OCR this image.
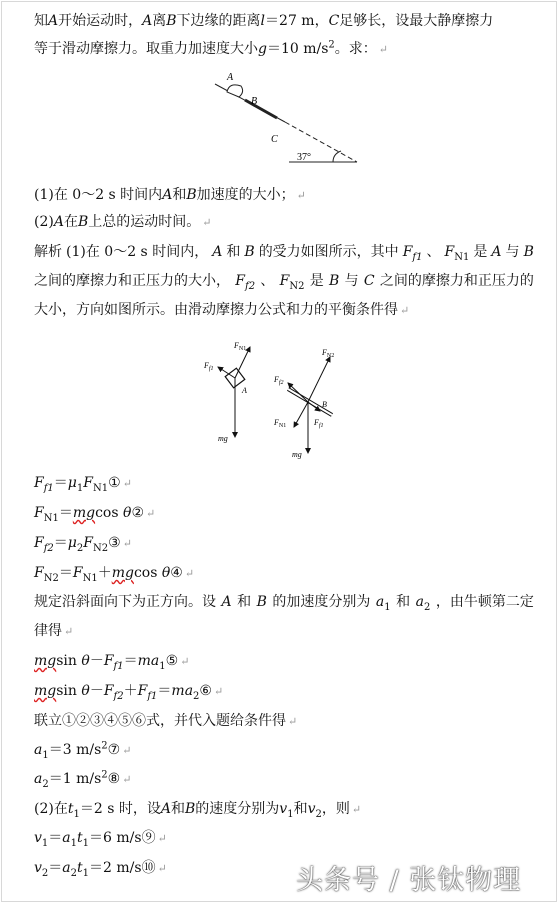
知A开始运动时，A离B下边缘的距离l＝27 m，C足够长，设最大静摩擦力
等于滑动摩擦力。取重力加速度大小g＝10 $m/s^2$。求： ↵
A
B
C
37°
(1)在 0～2 s 时间内A和B加速度的大小； ↵
(2)A在B上总的运动时间。 ↵
解析 (1)在 0～2 s 时间内， A 和 B 的受力如图所示，其中 $F_{f1}$ 、 $F_{N1}$ 是 A 与 B
之间的摩擦力和正压力的大小， $F_{f2}$ 、 $F_{N2}$ 是 B 与 C 之间的摩擦力和正压力的
大小，方向如图所示。由滑动摩擦力公式和力的平衡条件得 ↵
$F_{N1}$
$F_{f1}$
A
mg
$F_{N2}$
$F_{f2}$
B
$F_{N1}$	$F_{f1}$
mg
$F_{f1}=\mu_1F_{N1}①$ ↵
$F_{N1}=mgcos$ θ② ↵
$F_{f2}=\mu_2F_{N2}③$ ↵
$F_{N2}=F_{N1}+mgcos$ θ④ ↵
规定沿斜面向下为正方向。设 A 和 B 的加速度分别为 $a_1$ 和 $a_2$ ，由牛顿第二定
律得 ↵
mgsin $\theta-F_{f1}=ma_1⑤$ ↵
mgsin $\theta-F_{f2}+F_{f1}=ma_2⑥$ ↵
联立①②③④⑤⑥式，并代入题给条件得 ↵
$a_1=3$ $m/s^2⑦$ ↵
$a_2=1$ $m/s^2⑧$ ↵
(2)在$t_1=2$ s 时，设A和B的速度分别为$v_1$和$v_2$，则 ↵
$v_1=a_1t_1=6$ m/s⑨ ↵
$v_2=a_2t_1=2$ m/s⑩ ↵	头条号 / 张钛物理
